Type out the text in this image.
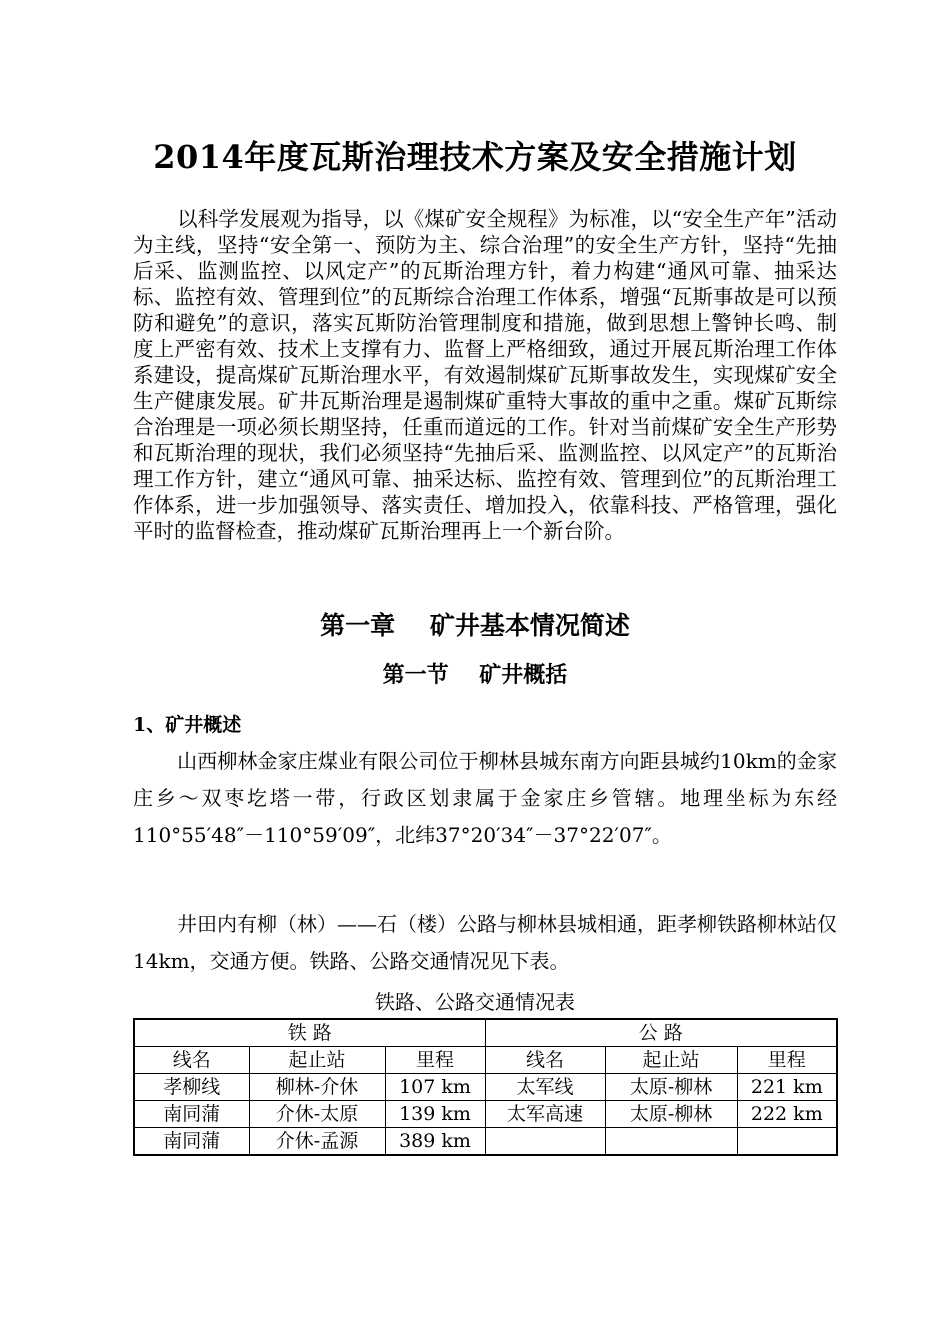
2014年度瓦斯治理技术方案及安全措施计划

以科学发展观为指导，以《煤矿安全规程》为标准，以“安全生产年”活动为主线，坚持“安全第一、预防为主、综合治理”的安全生产方针，坚持“先抽后采、监测监控、以风定产”的瓦斯治理方针，着力构建“通风可靠、抽采达标、监控有效、管理到位”的瓦斯综合治理工作体系，增强“瓦斯事故是可以预防和避免”的意识，落实瓦斯防治管理制度和措施，做到思想上警钟长鸣、制度上严密有效、技术上支撑有力、监督上严格细致，通过开展瓦斯治理工作体系建设，提高煤矿瓦斯治理水平，有效遏制煤矿瓦斯事故发生，实现煤矿安全生产健康发展。矿井瓦斯治理是遏制煤矿重特大事故的重中之重。煤矿瓦斯综合治理是一项必须长期坚持，任重而道远的工作。针对当前煤矿安全生产形势和瓦斯治理的现状，我们必须坚持“先抽后采、监测监控、以风定产”的瓦斯治理工作方针，建立“通风可靠、抽采达标、监控有效、管理到位”的瓦斯治理工作体系，进一步加强领导、落实责任、增加投入，依靠科技、严格管理，强化平时的监督检查，推动煤矿瓦斯治理再上一个新台阶。

第一章    矿井基本情况简述
第一节    矿井概括
1、矿井概述

山西柳林金家庄煤业有限公司位于柳林县城东南方向距县城约10km的金家庄乡～双枣圪塔一带，行政区划隶属于金家庄乡管辖。地理坐标为东经110°55′48″－110°59′09″，北纬37°20′34″－37°22′07″。

井田内有柳（林）——石（楼）公路与柳林县城相通，距孝柳铁路柳林站仅14km，交通方便。铁路、公路交通情况见下表。

铁路、公路交通情况表
铁 路			公 路		
线名	起止站	里程	线名	起止站	里程
孝柳线	柳林-介休	107 km	太军线	太原-柳林	221 km
南同蒲	介休-太原	139 km	太军高速	太原-柳林	222 km
南同蒲	介休-孟源	389 km			
